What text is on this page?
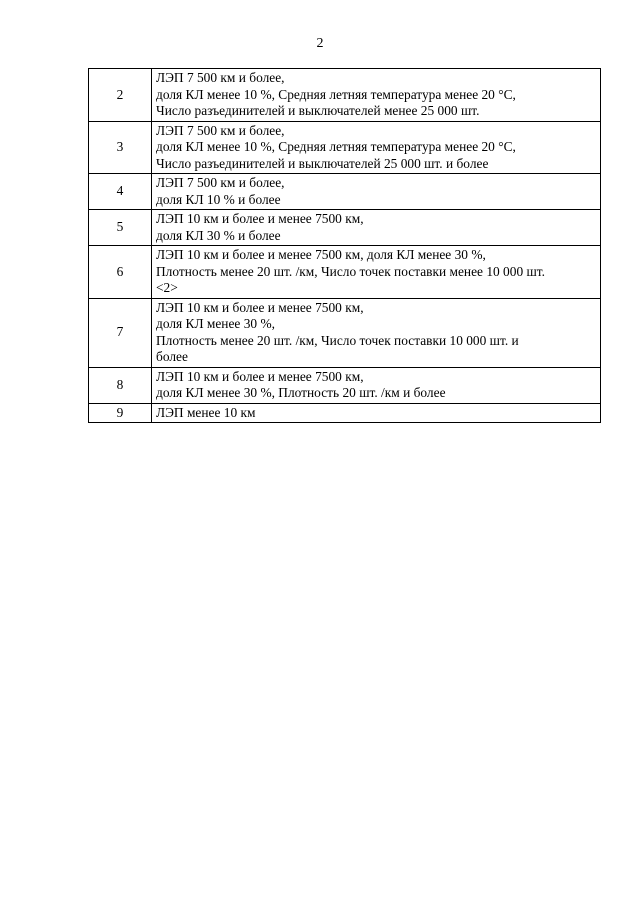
2
2	ЛЭП 7 500 км и более,
доля КЛ менее 10 %, Средняя летняя температура менее 20 °С,
Число разъединителей и выключателей менее 25 000 шт.

3	ЛЭП 7 500 км и более,
доля КЛ менее 10 %, Средняя летняя температура менее 20 °С,
Число разъединителей и выключателей 25 000 шт. и более

4	ЛЭП 7 500 км и более,
доля КЛ 10 % и более

5	ЛЭП 10 км и более и менее 7500 км,
доля КЛ 30 % и более

6	ЛЭП 10 км и более и менее 7500 км, доля КЛ менее 30 %,
Плотность менее 20 шт. /км, Число точек поставки менее 10 000 шт.
<2>

7	ЛЭП 10 км и более и менее 7500 км,
доля КЛ менее 30 %,
Плотность менее 20 шт. /км, Число точек поставки 10 000 шт. и
более

8	ЛЭП 10 км и более и менее 7500 км,
доля КЛ менее 30 %, Плотность 20 шт. /км и более

9	ЛЭП менее 10 км
